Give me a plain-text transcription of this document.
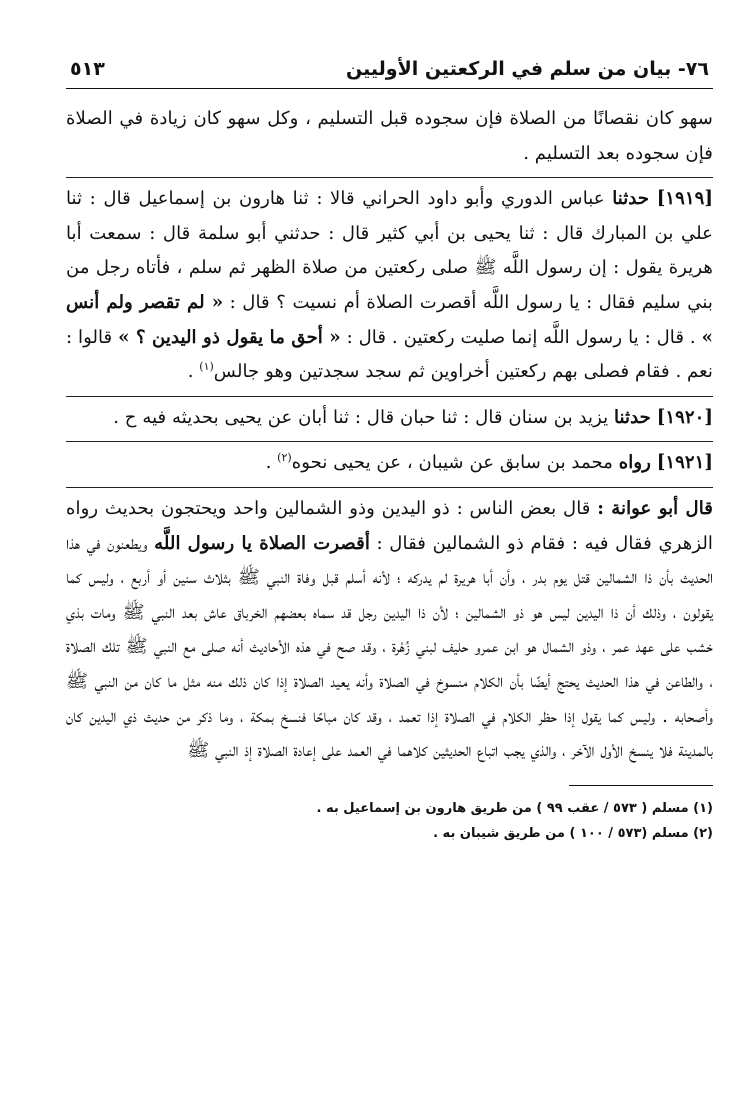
٧٦- بيان من سلم في الركعتين الأوليين
٥١٣

سهو كان نقصانًا من الصلاة فإن سجوده قبل التسليم ، وكل سهو كان زيادة في الصلاة فإن سجوده بعد التسليم .

[١٩١٩] حدثنا عباس الدوري وأبو داود الحراني قالا : ثنا هارون بن إسماعيل قال : ثنا علي بن المبارك قال : ثنا يحيى بن أبي كثير قال : حدثني أبو سلمة قال : سمعت أبا هريرة يقول : إن رسول اللَّه ﷺ صلى ركعتين من صلاة الظهر ثم سلم ، فأتاه رجل من بني سليم فقال : يا رسول اللَّه أقصرت الصلاة أم نسيت ؟ قال : « لم تقصر ولم أنس » . قال : يا رسول اللَّه إنما صليت ركعتين . قال : « أحق ما يقول ذو اليدين ؟ » قالوا : نعم . فقام فصلى بهم ركعتين أخراوين ثم سجد سجدتين وهو جالس$^{(١)}$ .

[١٩٢٠] حدثنا يزيد بن سنان قال : ثنا حبان قال : ثنا أبان عن يحيى بحديثه فيه ح .

[١٩٢١] رواه محمد بن سابق عن شيبان ، عن يحيى نحوه$^{(٢)}$ .

قال أبو عوانة : قال بعض الناس : ذو اليدين وذو الشمالين واحد ويحتجون بحديث رواه الزهري فقال فيه : فقام ذو الشمالين فقال : أقصرت الصلاة يا رسول اللَّه ويطعنون في هذا الحديث بأن ذا الشمالين قتل يوم بدر ، وأن أبا هريرة لم يدركه ؛ لأنه أسلم قبل وفاة النبي ﷺ بثلاث سنين أو أربع ، وليس كما يقولون ، وذلك أن ذا اليدين ليس هو ذو الشمالين ؛ لأن ذا اليدين رجل قد سماه بعضهم الخرباق عاش بعد النبي ﷺ ومات بذي خشب على عهد عمر ، وذو الشمال هو ابن عمرو حليف لبني زُهْرة ، وقد صح في هذه الأحاديث أنه صلى مع النبي ﷺ تلك الصلاة ، والطاعن في هذا الحديث يحتج أيضًا بأن الكلام منسوخ في الصلاة وأنه يعيد الصلاة إذا كان ذلك منه مثل ما كان من النبي ﷺ وأصحابه . وليس كما يقول إذا حظر الكلام في الصلاة إذا تعمد ، وقد كان مباحًا فنسخ بمكة ، وما ذكر من حديث ذي اليدين كان بالمدينة فلا ينسخ الأول الآخر ، والذي يجب اتباع الحديثين كلاهما في العمد على إعادة الصلاة إذ النبي ﷺ

(١) مسلم ( ٥٧٣ / عقب ٩٩ ) من طريق هارون بن إسماعيل به .

(٢) مسلم (٥٧٣ / ١٠٠ ) من طريق شيبان به .
